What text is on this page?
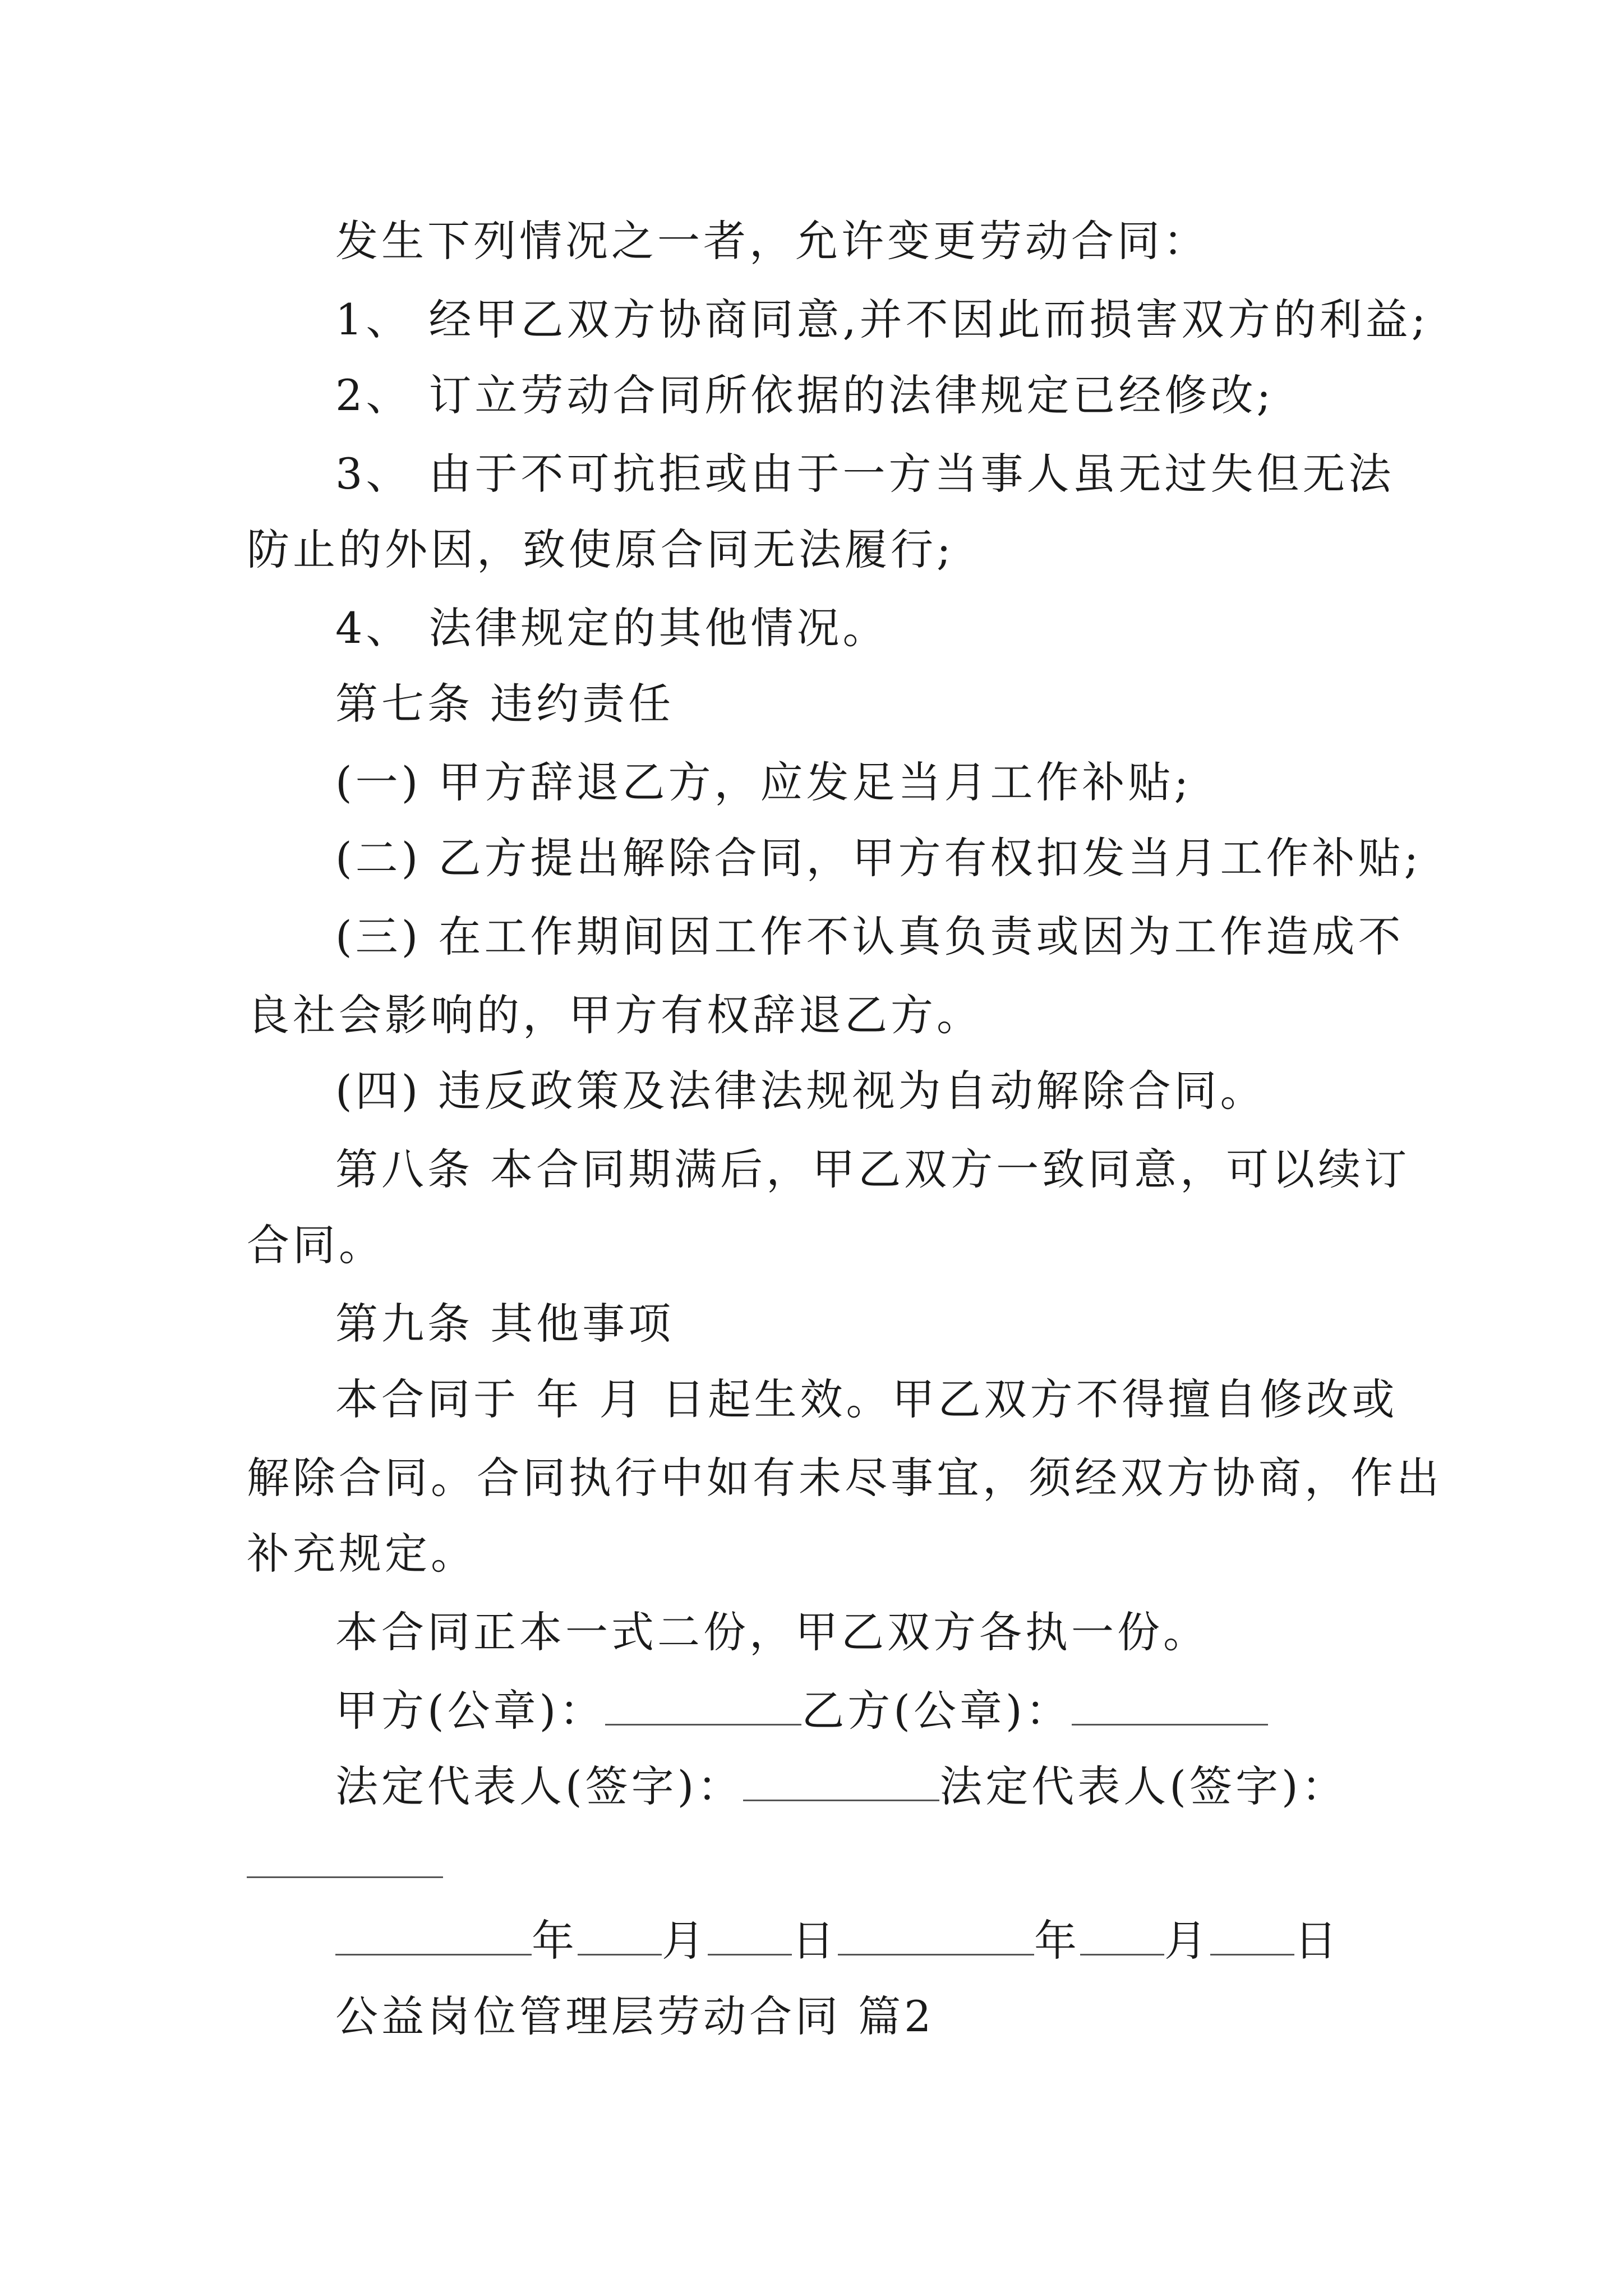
发生下列情况之一者，允许变更劳动合同：
1、 经甲乙双方协商同意,并不因此而损害双方的利益;
2、 订立劳动合同所依据的法律规定已经修改;
3、 由于不可抗拒或由于一方当事人虽无过失但无法
防止的外因，致使原合同无法履行;
4、 法律规定的其他情况。
第七条 违约责任
(一) 甲方辞退乙方，应发足当月工作补贴;
(二) 乙方提出解除合同，甲方有权扣发当月工作补贴;
(三) 在工作期间因工作不认真负责或因为工作造成不
良社会影响的，甲方有权辞退乙方。
(四) 违反政策及法律法规视为自动解除合同。
第八条 本合同期满后，甲乙双方一致同意，可以续订
合同。
第九条 其他事项
本合同于 年 月 日起生效。甲乙双方不得擅自修改或
解除合同。合同执行中如有未尽事宜，须经双方协商，作出
补充规定。
本合同正本一式二份，甲乙双方各执一份。
甲方(公章)：	乙方(公章)：
法定代表人(签字)：	法定代表人(签字)：
年 月 日	年 月 日
公益岗位管理层劳动合同 篇2
